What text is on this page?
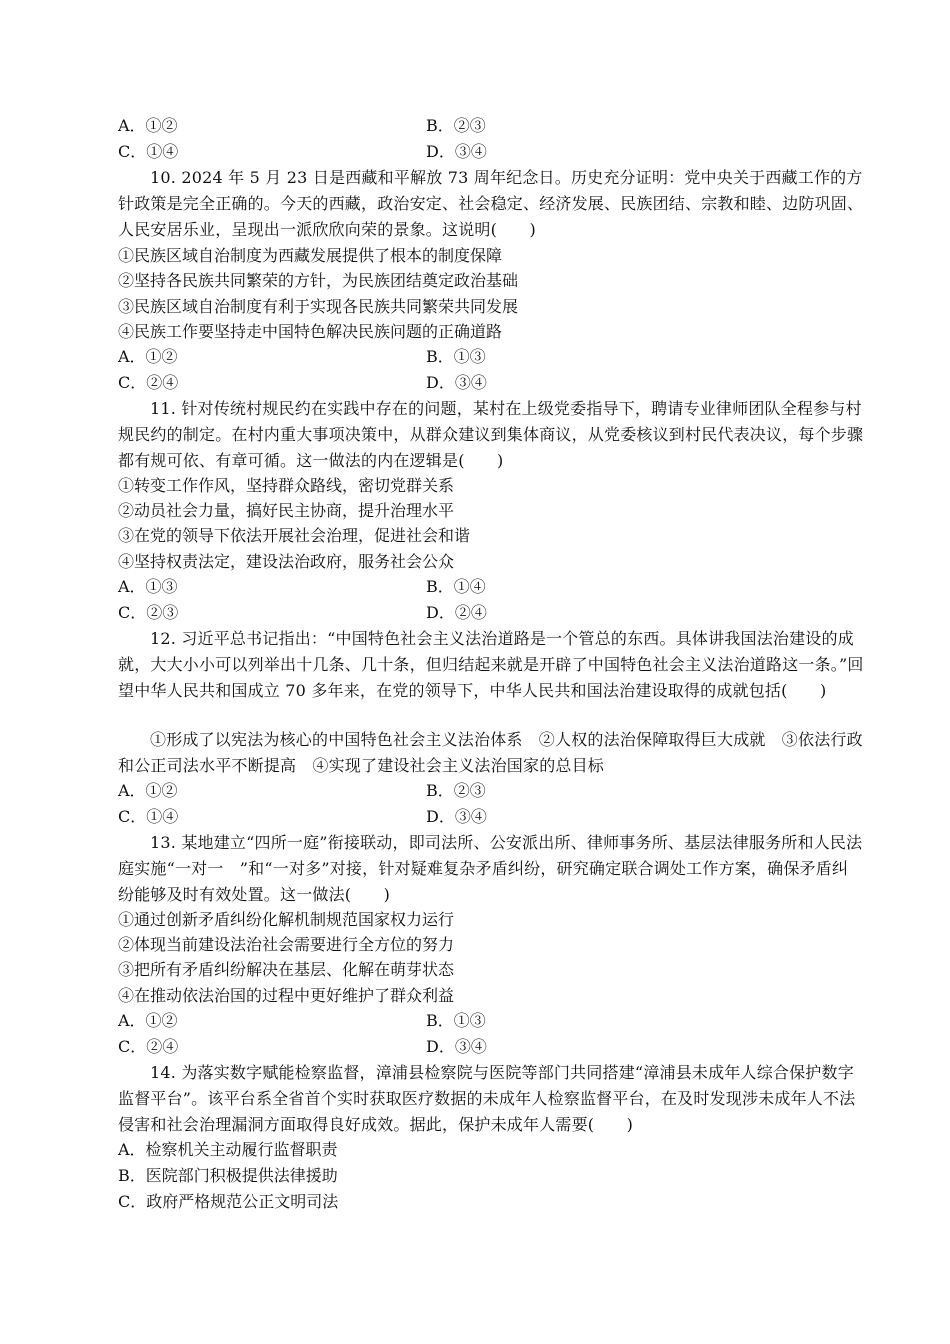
A．①②	B．②③
C．①④	D．③④
10. 2024 年 5 月 23 日是西藏和平解放 73 周年纪念日。历史充分证明：党中央关于西藏工作的方针政策是完全正确的。今天的西藏，政治安定、社会稳定、经济发展、民族团结、宗教和睦、边防巩固、人民安居乐业，呈现出一派欣欣向荣的景象。这说明(　　)
①民族区域自治制度为西藏发展提供了根本的制度保障
②坚持各民族共同繁荣的方针，为民族团结奠定政治基础
③民族区域自治制度有利于实现各民族共同繁荣共同发展
④民族工作要坚持走中国特色解决民族问题的正确道路
A．①②	B．①③
C．②④	D．③④
11. 针对传统村规民约在实践中存在的问题，某村在上级党委指导下，聘请专业律师团队全程参与村规民约的制定。在村内重大事项决策中，从群众建议到集体商议，从党委核议到村民代表决议，每个步骤都有规可依、有章可循。这一做法的内在逻辑是(　　)
①转变工作作风，坚持群众路线，密切党群关系
②动员社会力量，搞好民主协商，提升治理水平
③在党的领导下依法开展社会治理，促进社会和谐
④坚持权责法定，建设法治政府，服务社会公众
A．①③	B．①④
C．②③	D．②④
12. 习近平总书记指出：“中国特色社会主义法治道路是一个管总的东西。具体讲我国法治建设的成就，大大小小可以列举出十几条、几十条，但归结起来就是开辟了中国特色社会主义法治道路这一条。”回望中华人民共和国成立 70 多年来，在党的领导下，中华人民共和国法治建设取得的成就包括(　　)
①形成了以宪法为核心的中国特色社会主义法治体系　②人权的法治保障取得巨大成就　③依法行政和公正司法水平不断提高　④实现了建设社会主义法治国家的总目标
A．①②	B．②③
C．①④	D．③④
13. 某地建立“四所一庭”衔接联动，即司法所、公安派出所、律师事务所、基层法律服务所和人民法庭实施“一对一　”和“一对多”对接，针对疑难复杂矛盾纠纷，研究确定联合调处工作方案，确保矛盾纠纷能够及时有效处置。这一做法(　　)
①通过创新矛盾纠纷化解机制规范国家权力运行
②体现当前建设法治社会需要进行全方位的努力
③把所有矛盾纠纷解决在基层、化解在萌芽状态
④在推动依法治国的过程中更好维护了群众利益
A．①②	B．①③
C．②④	D．③④
14. 为落实数字赋能检察监督，漳浦县检察院与医院等部门共同搭建“漳浦县未成年人综合保护数字监督平台”。该平台系全省首个实时获取医疗数据的未成年人检察监督平台，在及时发现涉未成年人不法侵害和社会治理漏洞方面取得良好成效。据此，保护未成年人需要(　　)
A．检察机关主动履行监督职责
B．医院部门积极提供法律援助
C．政府严格规范公正文明司法
